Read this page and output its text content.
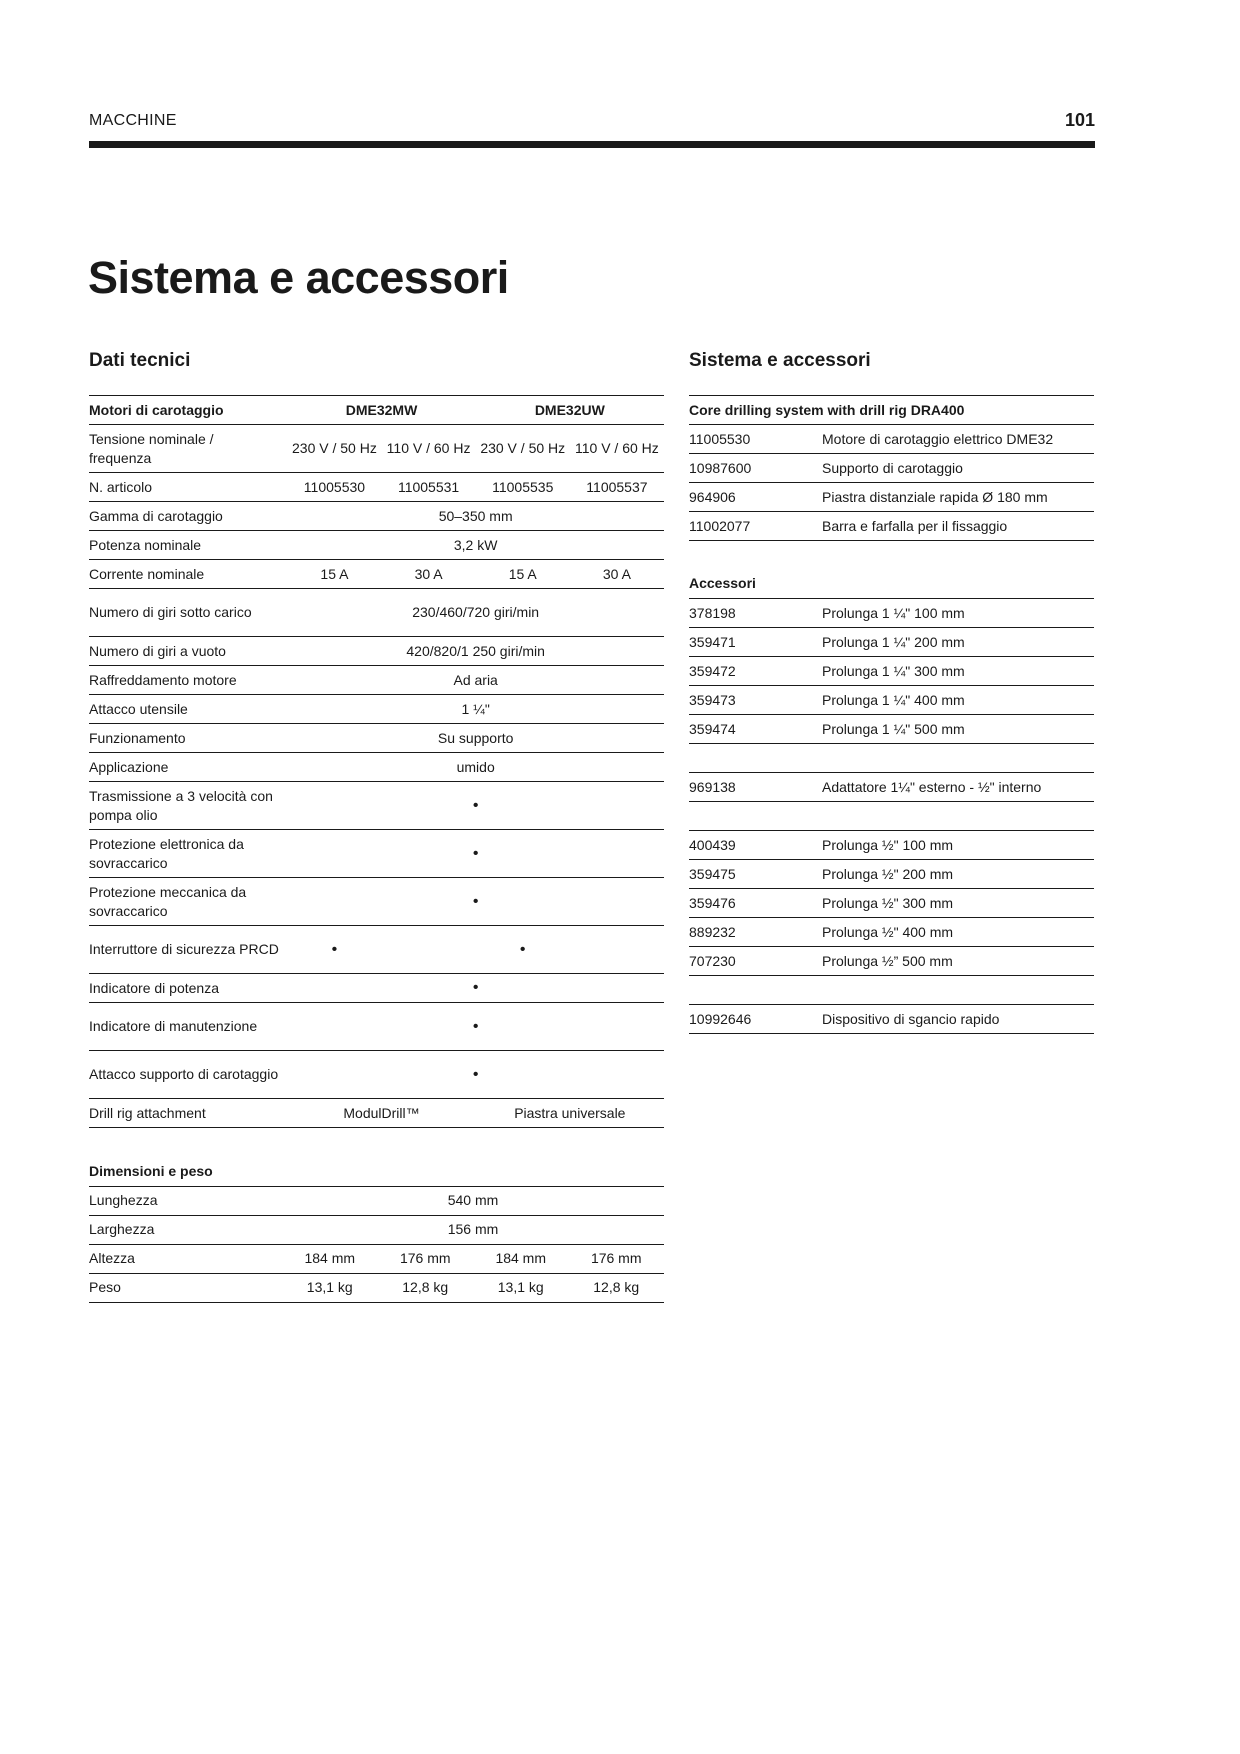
MACCHINE	101
Sistema e accessori
Dati tecnici	Sistema e accessori
Motori di carotaggio	DME32MW		DME32UW	
Tensione nominale / frequenza	230 V / 50 Hz	110 V / 60 Hz	230 V / 50 Hz	110 V / 60 Hz
N. articolo	11005530	11005531	11005535	11005537
Gamma di carotaggio	50–350 mm			
Potenza nominale	3,2 kW			
Corrente nominale	15 A	30 A	15 A	30 A
Numero di giri sotto carico	230/460/720 giri/min			
Numero di giri a vuoto	420/820/1 250 giri/min			
Raffreddamento motore	Ad aria			
Attacco utensile	1 ¼"			
Funzionamento	Su supporto			
Applicazione	umido			
Trasmissione a 3 velocità con pompa olio	•			
Protezione elettronica da sovraccarico	•			
Protezione meccanica da sovraccarico	•			
Interruttore di sicurezza PRCD	•		•	
Indicatore di potenza	•			
Indicatore di manutenzione	•			
Attacco supporto di carotaggio	•			
Drill rig attachment	ModulDrill™		Piastra universale	
Dimensioni e peso				
Lunghezza	540 mm			
Larghezza	156 mm			
Altezza	184 mm	176 mm	184 mm	176 mm
Peso	13,1 kg	12,8 kg	13,1 kg	12,8 kg
Core drilling system with drill rig DRA400	
11005530	Motore di carotaggio elettrico DME32
10987600	Supporto di carotaggio
964906	Piastra distanziale rapida Ø 180 mm
11002077	Barra e farfalla per il fissaggio

Accessori	
378198	Prolunga 1 ¼" 100 mm
359471	Prolunga 1 ¼" 200 mm
359472	Prolunga 1 ¼" 300 mm
359473	Prolunga 1 ¼" 400 mm
359474	Prolunga 1 ¼" 500 mm

969138	Adattatore 1¼" esterno - ½" interno

400439	Prolunga ½" 100 mm
359475	Prolunga ½" 200 mm
359476	Prolunga ½" 300 mm
889232	Prolunga ½" 400 mm
707230	Prolunga ½” 500 mm

10992646	Dispositivo di sgancio rapido
